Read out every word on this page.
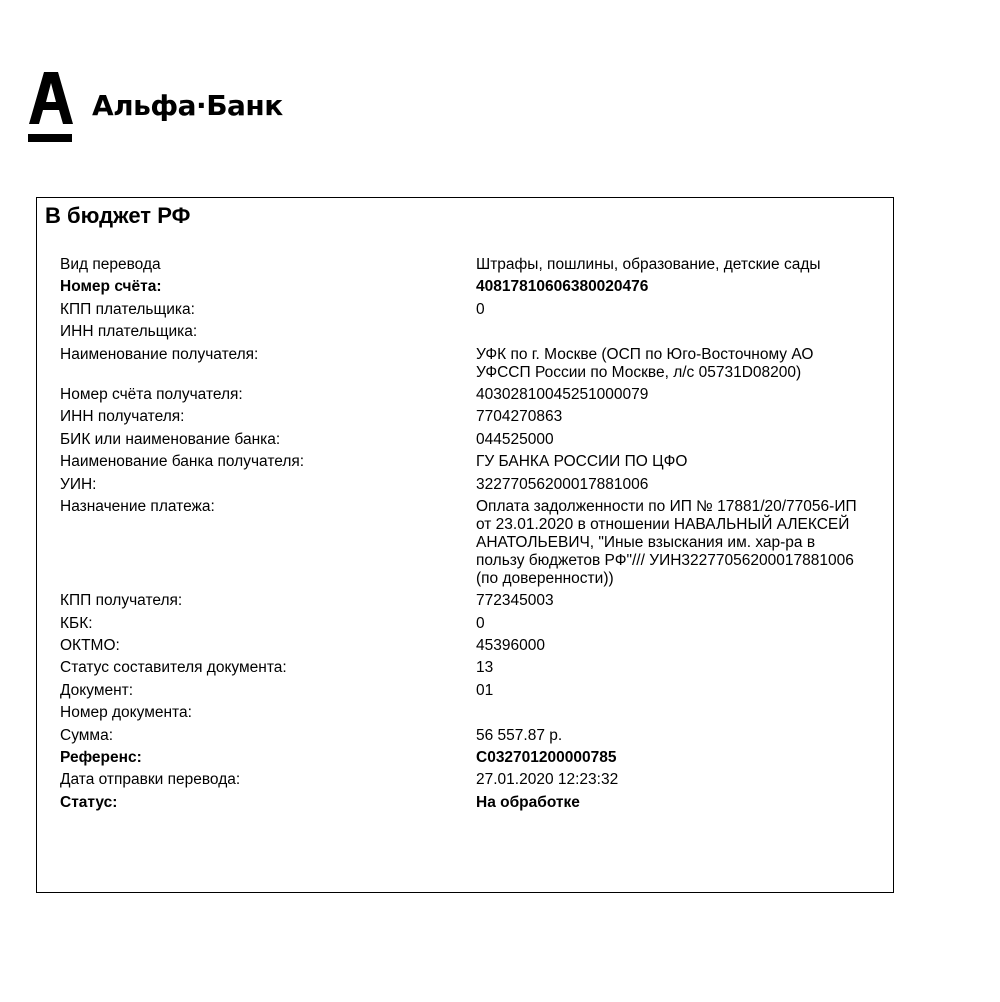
Альфа·Банк
В бюджет РФ
Вид перевода	Штрафы, пошлины, образование, детские сады
Номер счёта:	40817810606380020476
КПП плательщика:	0
ИНН плательщика:
Наименование получателя:	УФК по г. Москве (ОСП по Юго-Восточному АО УФССП России по Москве, л/с 05731D08200)
Номер счёта получателя:	40302810045251000079
ИНН получателя:	7704270863
БИК или наименование банка:	044525000
Наименование банка получателя:	ГУ БАНКА РОССИИ ПО ЦФО
УИН:	32277056200017881006
Назначение платежа:	Оплата задолженности по ИП № 17881/20/77056-ИП от 23.01.2020 в отношении НАВАЛЬНЫЙ АЛЕКСЕЙ АНАТОЛЬЕВИЧ, "Иные взыскания им. хар-ра в пользу бюджетов РФ"/// УИН32277056200017881006 (по доверенности))
КПП получателя:	772345003
КБК:	0
ОКТМО:	45396000
Статус составителя документа:	13
Документ:	01
Номер документа:
Сумма:	56 557.87 р.
Референс:	C032701200000785
Дата отправки перевода:	27.01.2020 12:23:32
Статус:	На обработке
